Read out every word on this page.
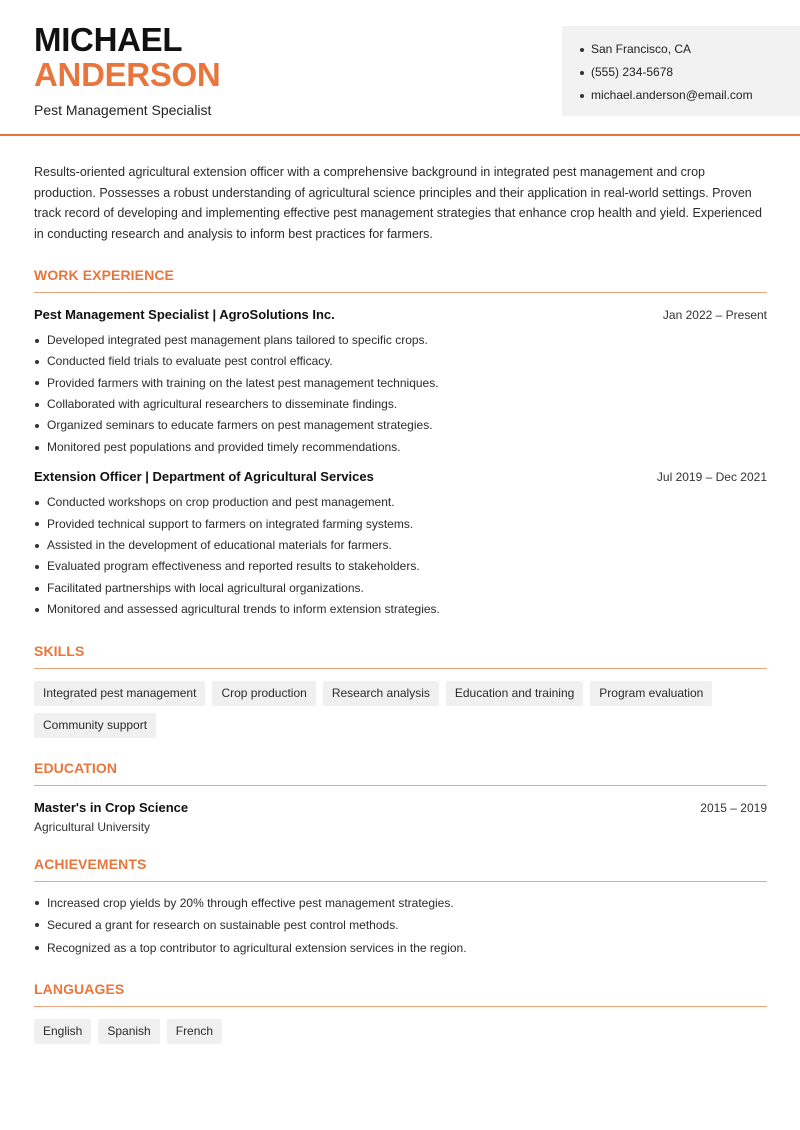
MICHAEL
ANDERSON
Pest Management Specialist
San Francisco, CA
(555) 234-5678
michael.anderson@email.com
Results-oriented agricultural extension officer with a comprehensive background in integrated pest management and crop production. Possesses a robust understanding of agricultural science principles and their application in real-world settings. Proven track record of developing and implementing effective pest management strategies that enhance crop health and yield. Experienced in conducting research and analysis to inform best practices for farmers.
WORK EXPERIENCE
Pest Management Specialist | AgroSolutions Inc.	Jan 2022 – Present
Developed integrated pest management plans tailored to specific crops.
Conducted field trials to evaluate pest control efficacy.
Provided farmers with training on the latest pest management techniques.
Collaborated with agricultural researchers to disseminate findings.
Organized seminars to educate farmers on pest management strategies.
Monitored pest populations and provided timely recommendations.
Extension Officer | Department of Agricultural Services	Jul 2019 – Dec 2021
Conducted workshops on crop production and pest management.
Provided technical support to farmers on integrated farming systems.
Assisted in the development of educational materials for farmers.
Evaluated program effectiveness and reported results to stakeholders.
Facilitated partnerships with local agricultural organizations.
Monitored and assessed agricultural trends to inform extension strategies.
SKILLS
Integrated pest management	Crop production	Research analysis	Education and training	Program evaluation
Community support
EDUCATION
Master's in Crop Science	2015 – 2019
Agricultural University
ACHIEVEMENTS
Increased crop yields by 20% through effective pest management strategies.
Secured a grant for research on sustainable pest control methods.
Recognized as a top contributor to agricultural extension services in the region.
LANGUAGES
English	Spanish	French
